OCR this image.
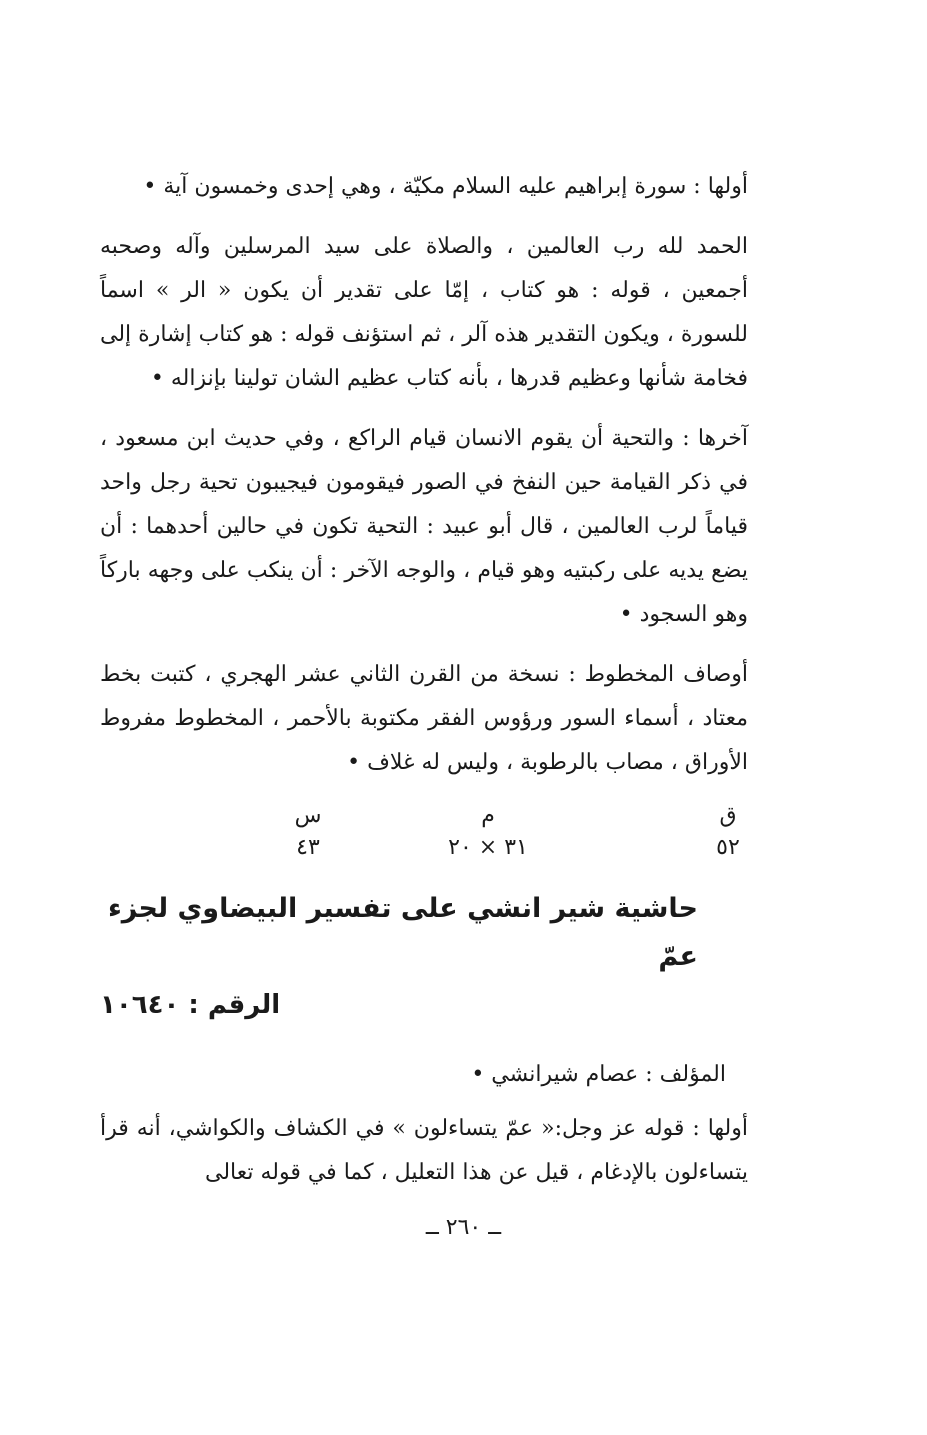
أولها : سورة إبراهيم عليه السلام مكيّة ، وهي إحدى وخمسون آية •

الحمد لله رب العالمين ، والصلاة على سيد المرسلين وآله وصحبه أجمعين ، قوله : هو كتاب ، إمّا على تقدير أن يكون « الر » اسماً للسورة ، ويكون التقدير هذه آلر ، ثم استؤنف قوله : هو كتاب إشارة إلى فخامة شأنها وعظيم قدرها ، بأنه كتاب عظيم الشان تولينا بإنزاله •

آخرها : والتحية أن يقوم الانسان قيام الراكع ، وفي حديث ابن مسعود ، في ذكر القيامة حين النفخ في الصور فيقومون فيجيبون تحية رجل واحد قياماً لرب العالمين ، قال أبو عبيد : التحية تكون في حالين أحدهما : أن يضع يديه على ركبتيه وهو قيام ، والوجه الآخر : أن ينكب على وجهه باركاً وهو السجود •

أوصاف المخطوط : نسخة من القرن الثاني عشر الهجري ، كتبت بخط معتاد ، أسماء السور ورؤوس الفقر مكتوبة بالأحمر ، المخطوط مفروط الأوراق ، مصاب بالرطوبة ، وليس له غلاف •

ق
٥٢
م
٣١ × ٢٠
س
٤٣
حاشية شير انشي على تفسير البيضاوي لجزء عمّ
الرقم : ١٠٦٤٠
المؤلف : عصام شيرانشي •

أولها : قوله عز وجل:« عمّ يتساءلون » في الكشاف والكواشي، أنه قرأ يتساءلون بالإدغام ، قيل عن هذا التعليل ، كما في قوله تعالى

ــ ٢٦٠ ــ
